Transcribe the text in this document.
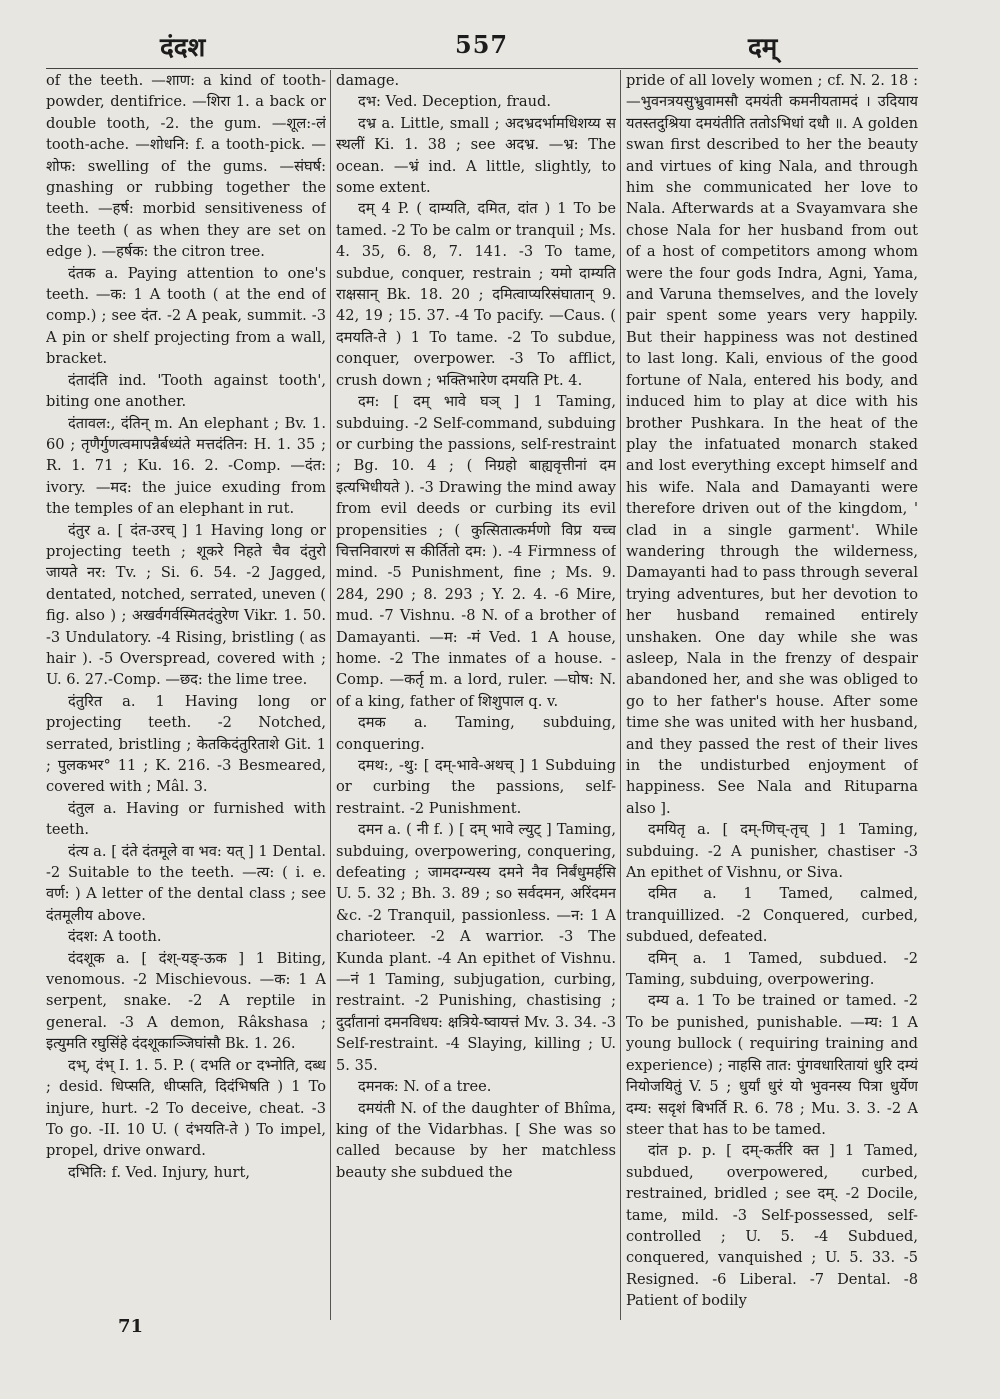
दंदश	557	दम्

of the teeth. —शाण: a kind of tooth-powder, dentifrice. —शिरा 1. a back or double tooth, -2. the gum. —शूल:-लं tooth-ache. —शोधनि: f. a tooth-pick. —शोफ: swelling of the gums. —संघर्ष: gnashing or rubbing together the teeth. —हर्ष: morbid sensitiveness of the teeth ( as when they are set on edge ). —हर्षक: the citron tree.

दंतक a. Paying attention to one's teeth. —क: 1 A tooth ( at the end of comp.) ; see दंत. -2 A peak, summit. -3 A pin or shelf projecting from a wall, bracket.

दंतादंति ind. 'Tooth against tooth', biting one another.

दंतावल:, दंतिन् m. An elephant ; Bv. 1. 60 ; तृणैर्गुणत्वमापन्नैर्बध्यंते मत्तदंतिन: H. 1. 35 ; R. 1. 71 ; Ku. 16. 2. -Comp. —दंत: ivory. —मद: the juice exuding from the temples of an elephant in rut.

दंतुर a. [ दंत-उरच् ] 1 Having long or projecting teeth ; शूकरे निहते चैव दंतुरो जायते नर: Tv. ; Si. 6. 54. -2 Jagged, dentated, notched, serrated, uneven ( fig. also ) ; अखर्वगर्वस्मितदंतुरेण Vikr. 1. 50. -3 Undulatory. -4 Rising, bristling ( as hair ). -5 Overspread, covered with ; U. 6. 27.-Comp. —छद: the lime tree.

दंतुरित a. 1 Having long or projecting teeth. -2 Notched, serrated, bristling ; केतकिदंतुरिताशे Git. 1 ; पुलकभर° 11 ; K. 216. -3 Besmeared, covered with ; Mâl. 3.

दंतुल a. Having or furnished with teeth.

दंत्य a. [ दंते दंतमूले वा भव: यत् ] 1 Dental. -2 Suitable to the teeth. —त्य: ( i. e. वर्ण: ) A letter of the dental class ; see दंतमूलीय above.

दंदश: A tooth.

दंदशूक a. [ दंश्-यङ्-ऊक ] 1 Biting, venomous. -2 Mischievous. —क: 1 A serpent, snake. -2 A reptile in general. -3 A demon, Râkshasa ; इत्युमति रघुसिंहे दंदशूकाञ्जिघांसौ Bk. 1. 26.

दभ्, दंभ् I. 1. 5. P. ( दभति or दभ्नोति, दब्ध ; desid. धिप्सति, धीप्सति, दिदंभिषति ) 1 To injure, hurt. -2 To deceive, cheat. -3 To go. -II. 10 U. ( दंभयति-ते ) To impel, propel, drive onward.

दभिति: f. Ved. Injury, hurt,

damage.

दभ: Ved. Deception, fraud.

दभ्र a. Little, small ; अदभ्रदर्भामधिशय्य स स्थलीं Ki. 1. 38 ; see अदभ्र. —भ्र: The ocean. —भ्रं ind. A little, slightly, to some extent.

दम् 4 P. ( दाम्यति, दमित, दांत ) 1 To be tamed. -2 To be calm or tranquil ; Ms. 4. 35, 6. 8, 7. 141. -3 To tame, subdue, conquer, restrain ; यमो दाम्यति राक्षसान् Bk. 18. 20 ; दमित्वाप्यरिसंघातान् 9. 42, 19 ; 15. 37. -4 To pacify. —Caus. ( दमयति-ते ) 1 To tame. -2 To subdue, conquer, overpower. -3 To afflict, crush down ; भक्तिभारेण दमयति Pt. 4.

दम: [ दम् भावे घञ् ] 1 Taming, subduing. -2 Self-command, subduing or curbing the passions, self-restraint ; Bg. 10. 4 ; ( निग्रहो बाह्यवृत्तीनां दम इत्यभिधीयते ). -3 Drawing the mind away from evil deeds or curbing its evil propensities ; ( कुत्सितात्कर्मणो विप्र यच्च चित्तनिवारणं स कीर्तितो दम: ). -4 Firmness of mind. -5 Punishment, fine ; Ms. 9. 284, 290 ; 8. 293 ; Y. 2. 4. -6 Mire, mud. -7 Vishnu. -8 N. of a brother of Damayanti. —म: -मं Ved. 1 A house, home. -2 The inmates of a house. -Comp. —कर्तृ m. a lord, ruler. —घोष: N. of a king, father of शिशुपाल q. v.

दमक a. Taming, subduing, conquering.

दमथ:, -थु: [ दम्-भावे-अथच् ] 1 Subduing or curbing the passions, self-restraint. -2 Punishment.

दमन a. ( नी f. ) [ दम् भावे ल्युट् ] Taming, subduing, overpowering, conquering, defeating ; जामदग्न्यस्य दमने नैव निर्बंधुमर्हसि U. 5. 32 ; Bh. 3. 89 ; so सर्वदमन, अरिंदमन &c. -2 Tranquil, passionless. —न: 1 A charioteer. -2 A warrior. -3 The Kunda plant. -4 An epithet of Vishnu. —नं 1 Taming, subjugation, curbing, restraint. -2 Punishing, chastising ; दुर्दांतानां दमनविधय: क्षत्रिये-ष्वायत्तं Mv. 3. 34. -3 Self-restraint. -4 Slaying, killing ; U. 5. 35.

दमनक: N. of a tree.

दमयंती N. of the daughter of Bhîma, king of the Vidarbhas. [ She was so called because by her matchless beauty she subdued the

pride of all lovely women ; cf. N. 2. 18 :—भुवनत्रयसुभ्रुवामसौ दमयंती कमनीयतामदं । उदियाय यतस्तदुश्रिया दमयंतीति ततोऽभिधां दधौ ॥. A golden swan first described to her the beauty and virtues of king Nala, and through him she communicated her love to Nala. Afterwards at a Svayamvara she chose Nala for her husband from out of a host of competitors among whom were the four gods Indra, Agni, Yama, and Varuna themselves, and the lovely pair spent some years very happily. But their happiness was not destined to last long. Kali, envious of the good fortune of Nala, entered his body, and induced him to play at dice with his brother Pushkara. In the heat of the play the infatuated monarch staked and lost everything except himself and his wife. Nala and Damayanti were therefore driven out of the kingdom, ' clad in a single garment'. While wandering through the wilderness, Damayanti had to pass through several trying adventures, but her devotion to her husband remained entirely unshaken. One day while she was asleep, Nala in the frenzy of despair abandoned her, and she was obliged to go to her father's house. After some time she was united with her husband, and they passed the rest of their lives in the undisturbed enjoyment of happiness. See Nala and Rituparna also ].

दमयितृ a. [ दम्-णिच्-तृच् ] 1 Taming, subduing. -2 A punisher, chastiser -3 An epithet of Vishnu, or Siva.

दमित a. 1 Tamed, calmed, tranquillized. -2 Conquered, curbed, subdued, defeated.

दमिन् a. 1 Tamed, subdued. -2 Taming, subduing, overpowering.

दम्य a. 1 To be trained or tamed. -2 To be punished, punishable. —म्य: 1 A young bullock ( requiring training and experience) ; नाहसि तात: पुंगवधारितायां धुरि दम्यं नियोजयितुं V. 5 ; धुर्यां धुरं यो भुवनस्य पित्रा धुर्येण दम्य: सदृशं बिभर्ति R. 6. 78 ; Mu. 3. 3. -2 A steer that has to be tamed.

दांत p. p. [ दम्-कर्तरि क्त ] 1 Tamed, subdued, overpowered, curbed, restrained, bridled ; see दम्. -2 Docile, tame, mild. -3 Self-possessed, self-controlled ; U. 5. -4 Subdued, conquered, vanquished ; U. 5. 33. -5 Resigned. -6 Liberal. -7 Dental. -8 Patient of bodily

71
